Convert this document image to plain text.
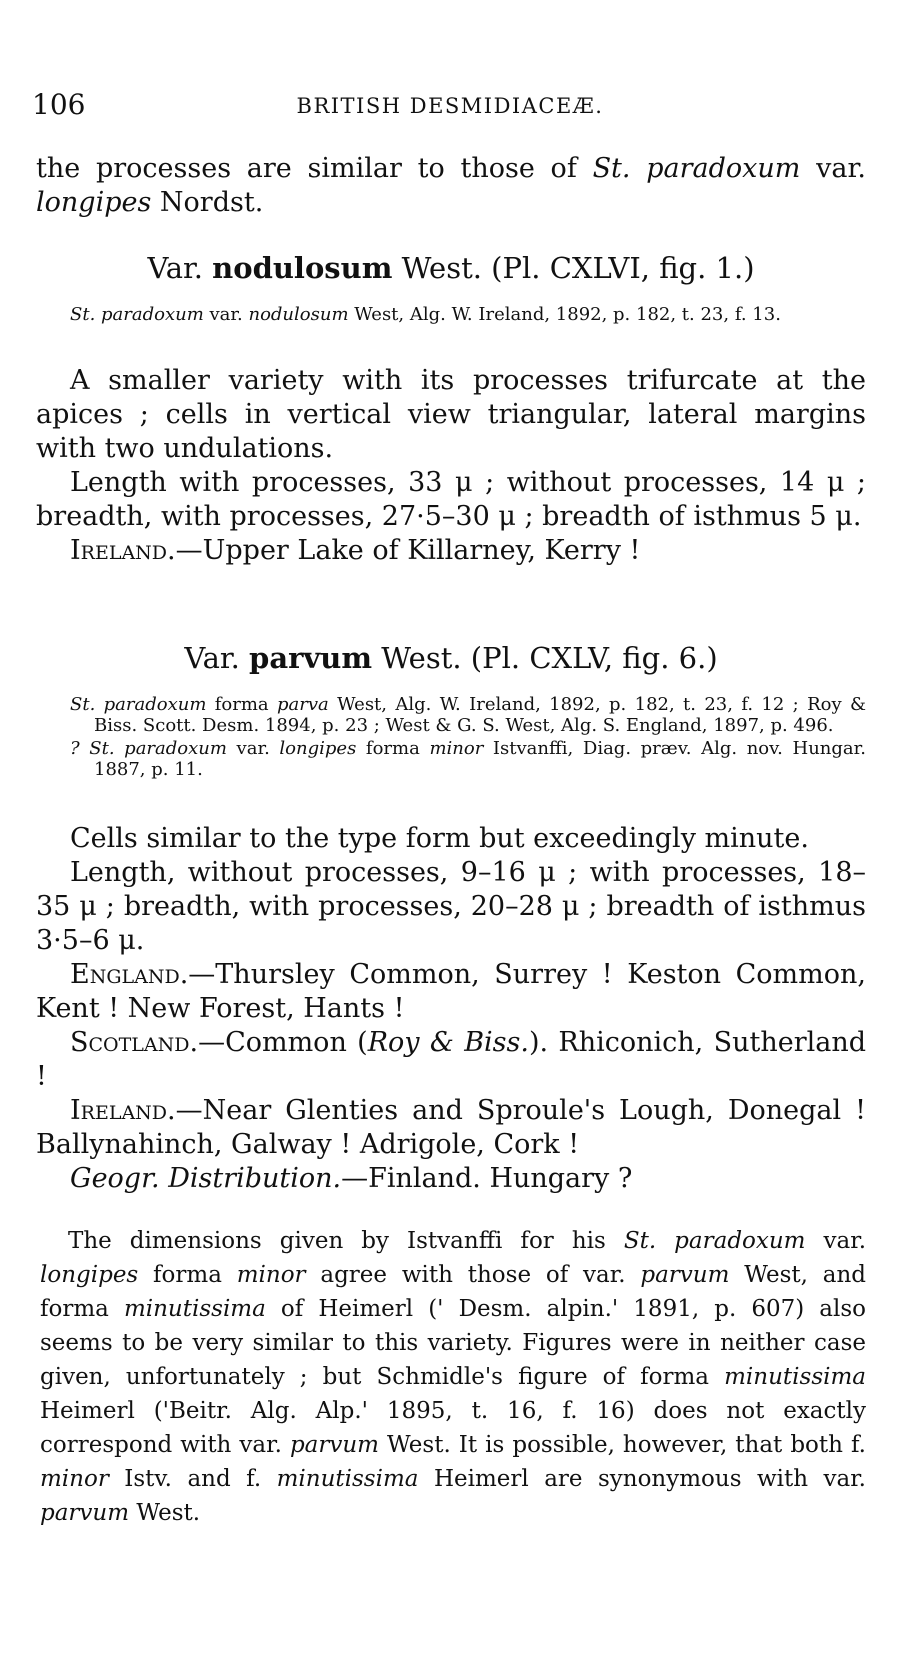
106	BRITISH DESMIDIACEÆ.

the processes are similar to those of St. paradoxum var. longipes Nordst.

Var. nodulosum West. (Pl. CXLVI, fig. 1.)

St. paradoxum var. nodulosum West, Alg. W. Ireland, 1892, p. 182, t. 23, f. 13.

A smaller variety with its processes trifurcate at the apices ; cells in vertical view triangular, lateral margins with two undulations.

Length with processes, 33 μ ; without processes, 14 μ ; breadth, with processes, 27·5–30 μ ; breadth of isthmus 5 μ.

Ireland.—Upper Lake of Killarney, Kerry !

Var. parvum West. (Pl. CXLV, fig. 6.)

St. paradoxum forma parva West, Alg. W. Ireland, 1892, p. 182, t. 23, f. 12 ; Roy & Biss. Scott. Desm. 1894, p. 23 ; West & G. S. West, Alg. S. England, 1897, p. 496.

? St. paradoxum var. longipes forma minor Istvanffi, Diag. præv. Alg. nov. Hungar. 1887, p. 11.

Cells similar to the type form but exceedingly minute.

Length, without processes, 9–16 μ ; with processes, 18–35 μ ; breadth, with processes, 20–28 μ ; breadth of isthmus 3·5–6 μ.

England.—Thursley Common, Surrey ! Keston Common, Kent ! New Forest, Hants !

Scotland.—Common (Roy & Biss.). Rhiconich, Sutherland !

Ireland.—Near Glenties and Sproule's Lough, Donegal ! Ballynahinch, Galway ! Adrigole, Cork !

Geogr. Distribution.—Finland. Hungary ?

The dimensions given by Istvanffi for his St. paradoxum var. longipes forma minor agree with those of var. parvum West, and forma minutissima of Heimerl (' Desm. alpin.' 1891, p. 607) also seems to be very similar to this variety. Figures were in neither case given, unfortunately ; but Schmidle's figure of forma minutissima Heimerl ('Beitr. Alg. Alp.' 1895, t. 16, f. 16) does not exactly correspond with var. parvum West. It is possible, however, that both f. minor Istv. and f. minutissima Heimerl are synonymous with var. parvum West.
